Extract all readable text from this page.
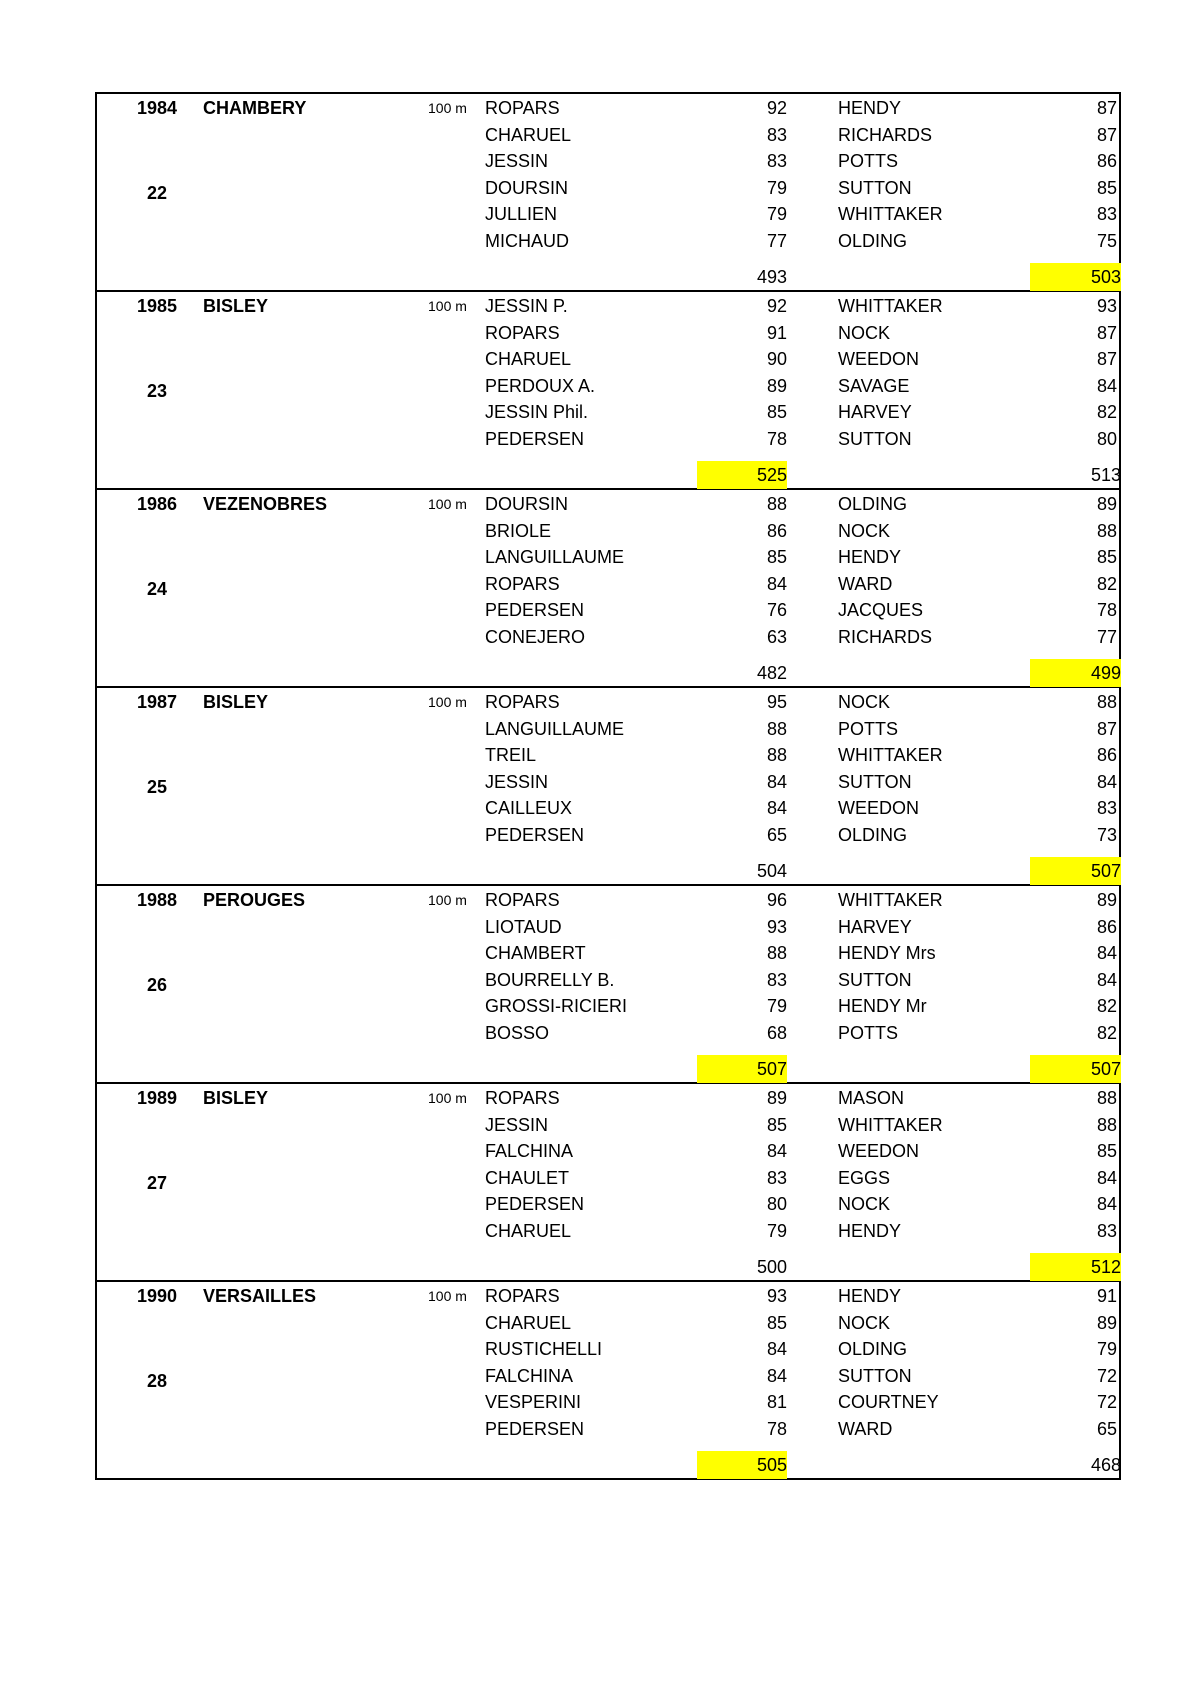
1984	CHAMBERY	100 m
22
ROPARS	92	HENDY	87
CHARUEL	83	RICHARDS	87
JESSIN	83	POTTS	86
DOURSIN	79	SUTTON	85
JULLIEN	79	WHITTAKER	83
MICHAUD	77	OLDING	75
493	503
1985	BISLEY	100 m
23
JESSIN P.	92	WHITTAKER	93
ROPARS	91	NOCK	87
CHARUEL	90	WEEDON	87
PERDOUX A.	89	SAVAGE	84
JESSIN Phil.	85	HARVEY	82
PEDERSEN	78	SUTTON	80
525	513
1986	VEZENOBRES	100 m
24
DOURSIN	88	OLDING	89
BRIOLE	86	NOCK	88
LANGUILLAUME	85	HENDY	85
ROPARS	84	WARD	82
PEDERSEN	76	JACQUES	78
CONEJERO	63	RICHARDS	77
482	499
1987	BISLEY	100 m
25
ROPARS	95	NOCK	88
LANGUILLAUME	88	POTTS	87
TREIL	88	WHITTAKER	86
JESSIN	84	SUTTON	84
CAILLEUX	84	WEEDON	83
PEDERSEN	65	OLDING	73
504	507
1988	PEROUGES	100 m
26
ROPARS	96	WHITTAKER	89
LIOTAUD	93	HARVEY	86
CHAMBERT	88	HENDY Mrs	84
BOURRELLY B.	83	SUTTON	84
GROSSI-RICIERI	79	HENDY Mr	82
BOSSO	68	POTTS	82
507	507
1989	BISLEY	100 m
27
ROPARS	89	MASON	88
JESSIN	85	WHITTAKER	88
FALCHINA	84	WEEDON	85
CHAULET	83	EGGS	84
PEDERSEN	80	NOCK	84
CHARUEL	79	HENDY	83
500	512
1990	VERSAILLES	100 m
28
ROPARS	93	HENDY	91
CHARUEL	85	NOCK	89
RUSTICHELLI	84	OLDING	79
FALCHINA	84	SUTTON	72
VESPERINI	81	COURTNEY	72
PEDERSEN	78	WARD	65
505	468
